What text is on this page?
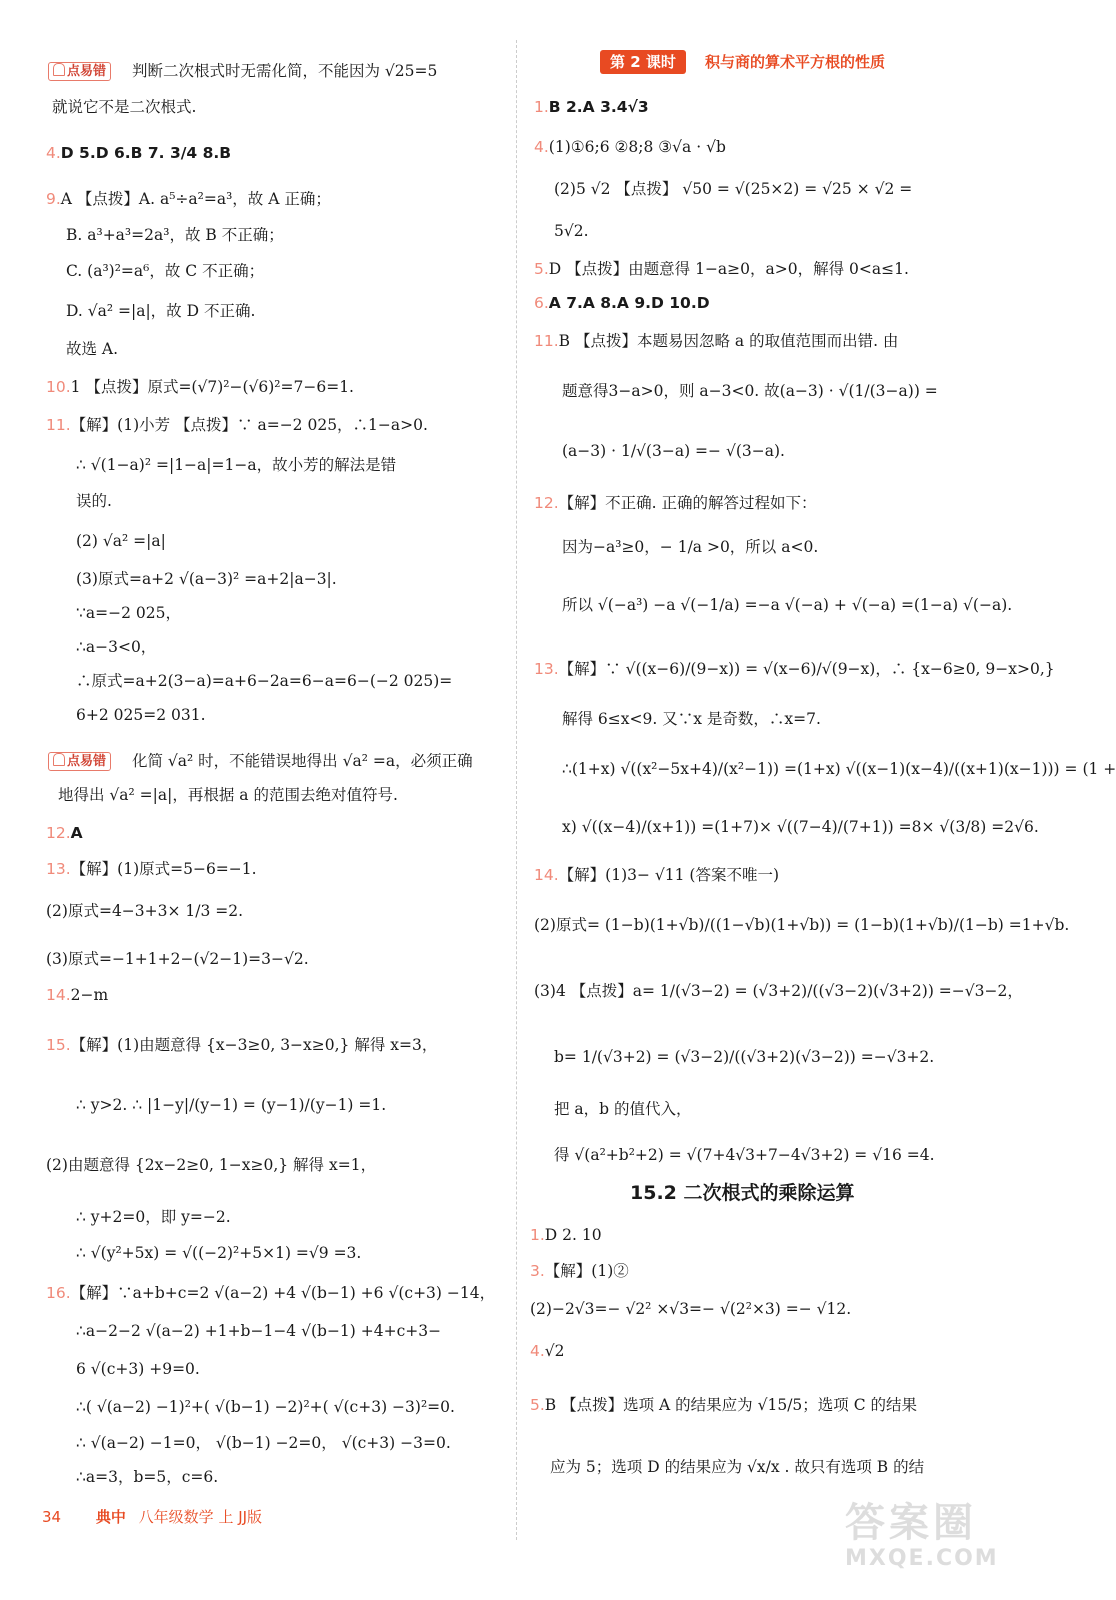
点易错
点易错
判断二次根式时无需化简，不能因为 √25=5
就说它不是二次根式.
4.D 5.D 6.B 7. 3/4 8.B
9.A 【点拨】A. a⁵÷a²=a³，故 A 正确；
B. a³+a³=2a³，故 B 不正确；
C. (a³)²=a⁶，故 C 不正确；
D. √a² =|a|，故 D 不正确.
故选 A.
10.1 【点拨】原式=(√7)²−(√6)²=7−6=1.
11.【解】(1)小芳 【点拨】∵ a=−2 025，∴1−a>0.
∴ √(1−a)² =|1−a|=1−a，故小芳的解法是错
误的.
(2) √a² =|a|
(3)原式=a+2 √(a−3)² =a+2|a−3|.
∵a=−2 025，
∴a−3<0，
∴原式=a+2(3−a)=a+6−2a=6−a=6−(−2 025)=
6+2 025=2 031.
化简 √a² 时，不能错误地得出 √a² =a，必须正确
地得出 √a² =|a|，再根据 a 的范围去绝对值符号.
12.A
13.【解】(1)原式=5−6=−1.
(2)原式=4−3+3× 1/3 =2.
(3)原式=−1+1+2−(√2−1)=3−√2.
14.2−m
15.【解】(1)由题意得 {x−3≥0, 3−x≥0,} 解得 x=3，
∴ y>2. ∴ |1−y|/(y−1) = (y−1)/(y−1) =1.
(2)由题意得 {2x−2≥0, 1−x≥0,} 解得 x=1，
∴ y+2=0，即 y=−2.
∴ √(y²+5x) = √((−2)²+5×1) =√9 =3.
16.【解】∵a+b+c=2 √(a−2) +4 √(b−1) +6 √(c+3) −14，
∴a−2−2 √(a−2) +1+b−1−4 √(b−1) +4+c+3−
6 √(c+3) +9=0.
∴( √(a−2) −1)²+( √(b−1) −2)²+( √(c+3) −3)²=0.
∴ √(a−2) −1=0， √(b−1) −2=0， √(c+3) −3=0.
∴a=3，b=5，c=6.
第 2 课时	积与商的算术平方根的性质
1.B 2.A 3.4√3
4.(1)①6;6 ②8;8 ③√a · √b
(2)5 √2 【点拨】 √50 = √(25×2) = √25 × √2 =
5√2.
5.D 【点拨】由题意得 1−a≥0，a>0，解得 0<a≤1.
6.A 7.A 8.A 9.D 10.D
11.B 【点拨】本题易因忽略 a 的取值范围而出错. 由
题意得3−a>0，则 a−3<0. 故(a−3) · √(1/(3−a)) =
(a−3) · 1/√(3−a) =− √(3−a).
12.【解】不正确. 正确的解答过程如下：
因为−a³≥0，− 1/a >0，所以 a<0.
所以 √(−a³) −a √(−1/a) =−a √(−a) + √(−a) =(1−a) √(−a).
13.【解】∵ √((x−6)/(9−x)) = √(x−6)/√(9−x)，∴ {x−6≥0, 9−x>0,}
解得 6≤x<9. 又∵x 是奇数，∴x=7.
∴(1+x) √((x²−5x+4)/(x²−1)) =(1+x) √((x−1)(x−4)/((x+1)(x−1))) = (1 +
x) √((x−4)/(x+1)) =(1+7)× √((7−4)/(7+1)) =8× √(3/8) =2√6.
14.【解】(1)3− √11 (答案不唯一)
(2)原式= (1−b)(1+√b)/((1−√b)(1+√b)) = (1−b)(1+√b)/(1−b) =1+√b.
(3)4 【点拨】a= 1/(√3−2) = (√3+2)/((√3−2)(√3+2)) =−√3−2，
b= 1/(√3+2) = (√3−2)/((√3+2)(√3−2)) =−√3+2.
把 a，b 的值代入，
得 √(a²+b²+2) = √(7+4√3+7−4√3+2) = √16 =4.
1.D 2. 10
3.【解】(1)②
(2)−2√3=− √2² ×√3=− √(2²×3) =− √12.
4.√2
5.B 【点拨】选项 A 的结果应为 √15/5；选项 C 的结果
应为 5；选项 D 的结果应为 √x/x . 故只有选项 B 的结
15.2 二次根式的乘除运算
34 典中 八年级数学 上 JJ版	答案圈
MXQE.COM
